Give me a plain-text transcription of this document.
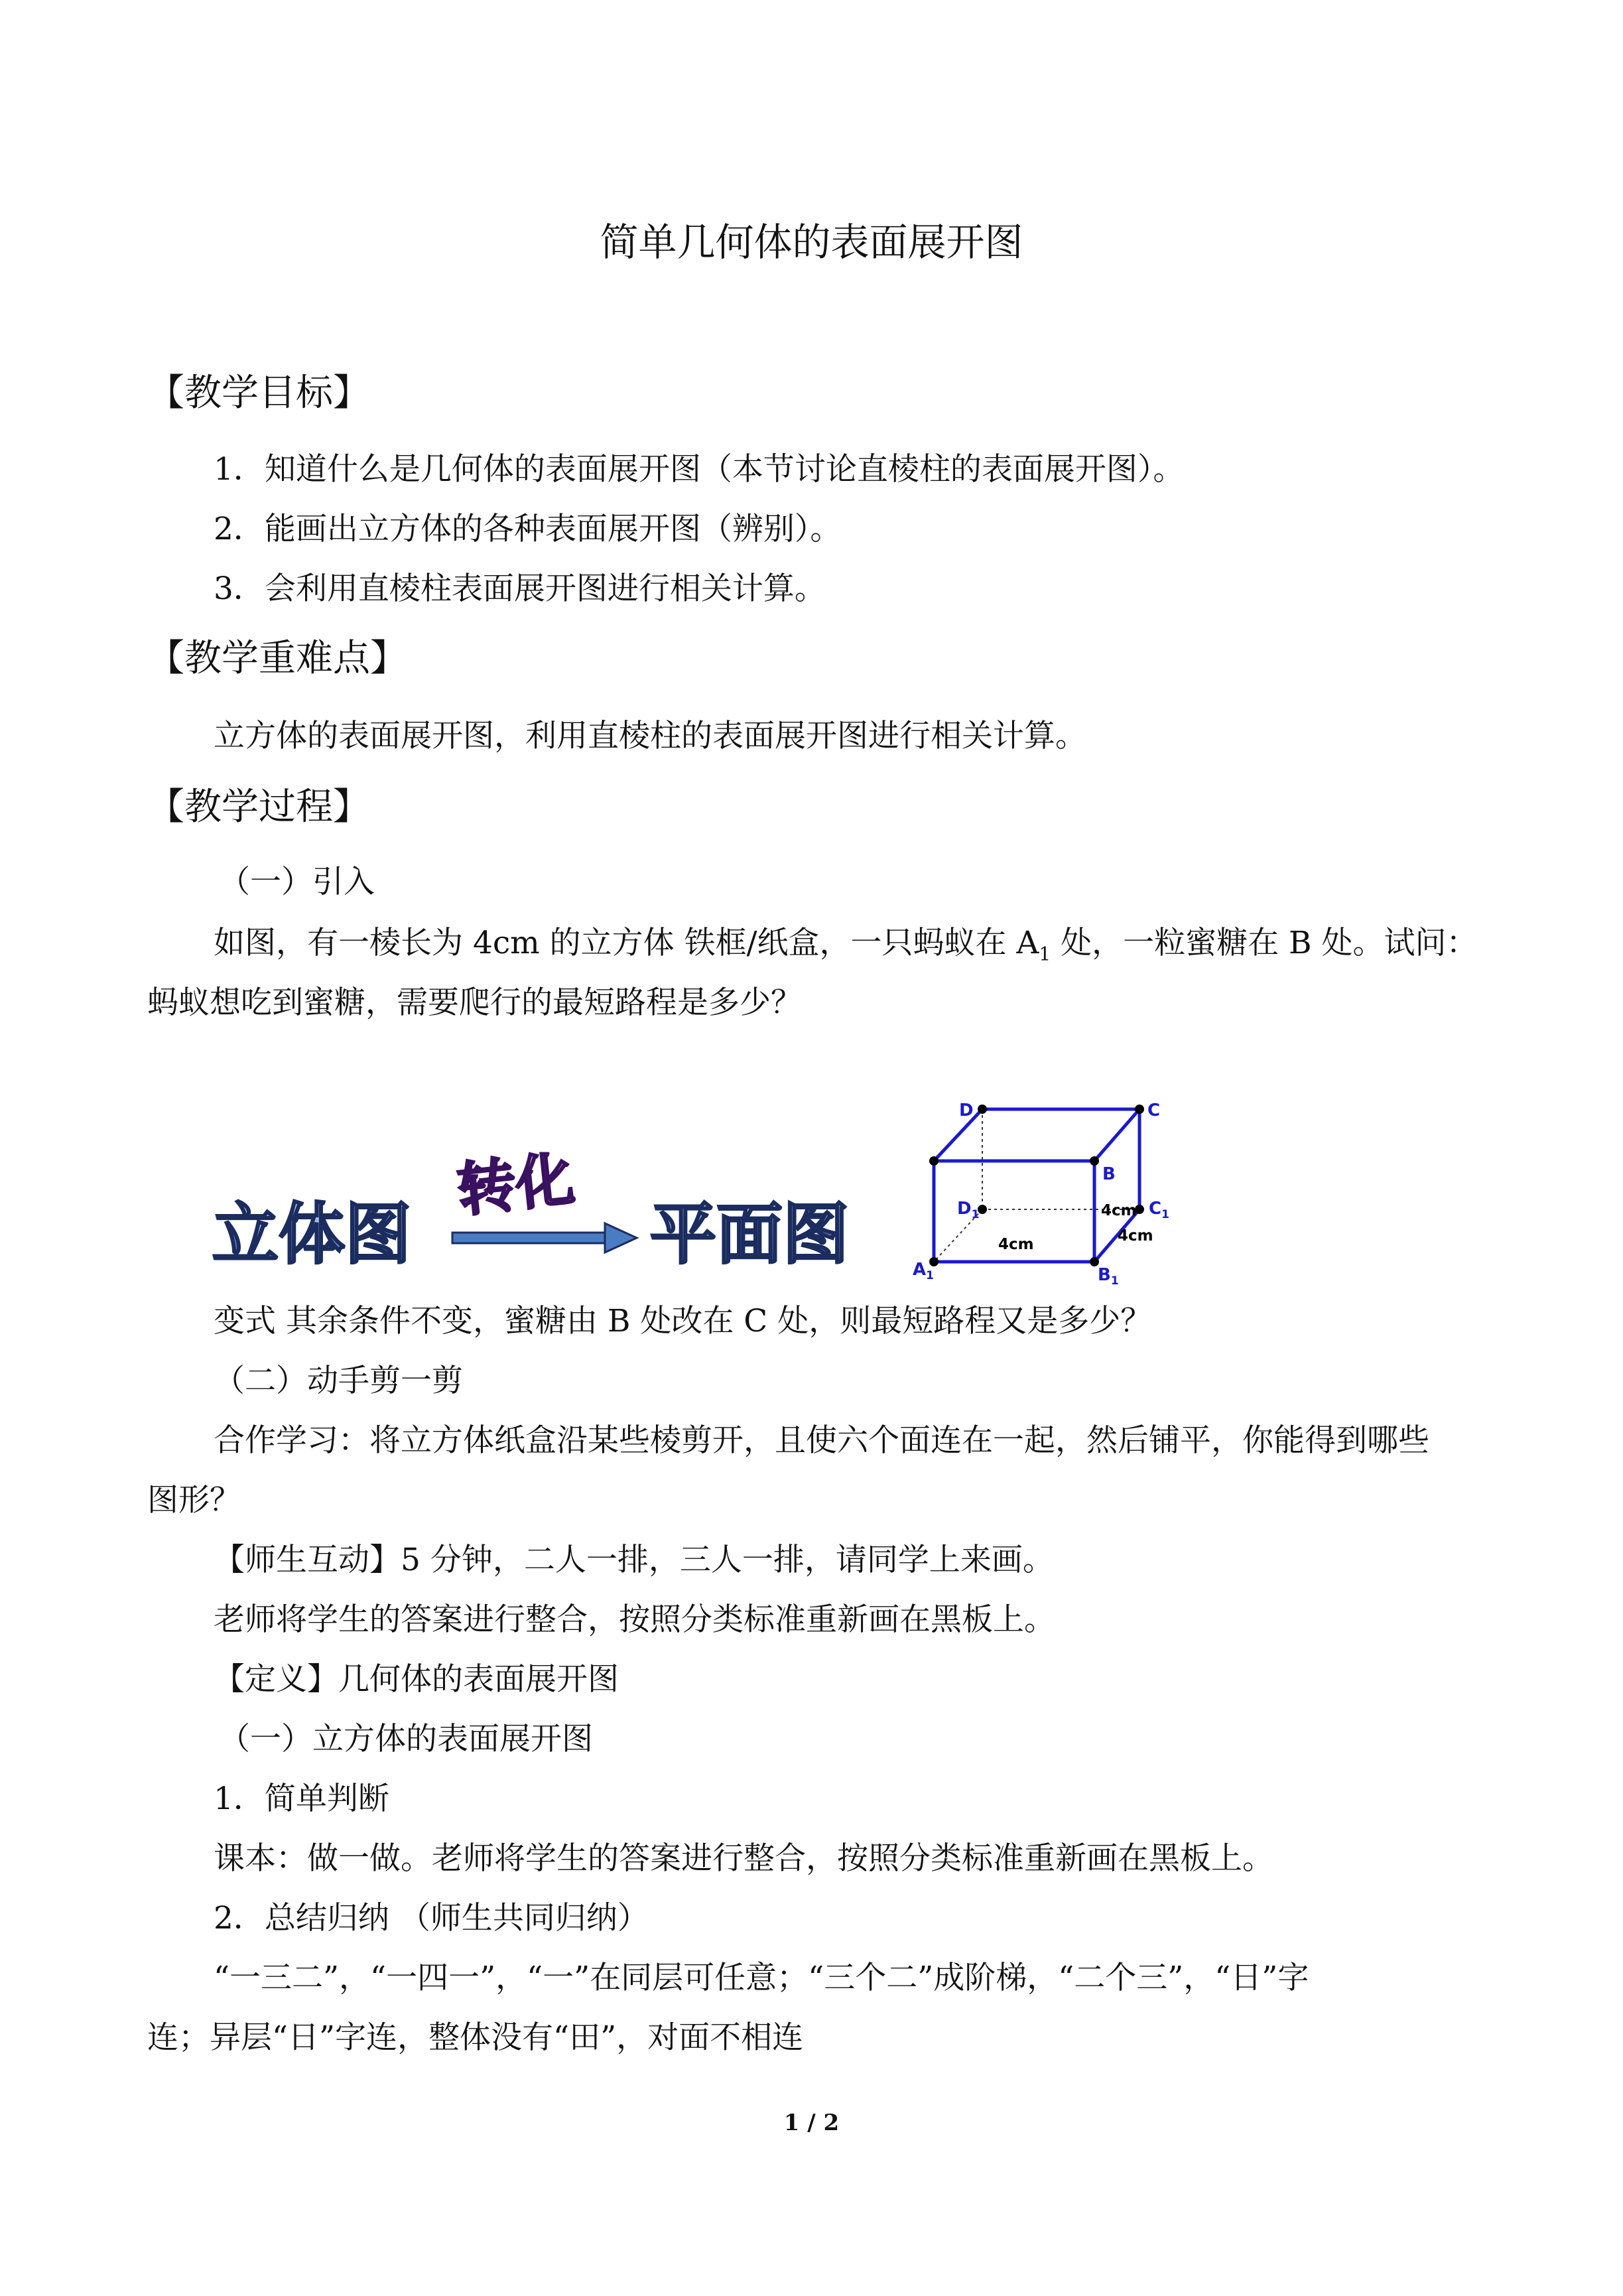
简单几何体的表面展开图
【教学目标】
1．知道什么是几何体的表面展开图（本节讨论直棱柱的表面展开图）。
2．能画出立方体的各种表面展开图（辨别）。
3．会利用直棱柱表面展开图进行相关计算。
【教学重难点】
立方体的表面展开图，利用直棱柱的表面展开图进行相关计算。
【教学过程】
（一）引入
如图，有一棱长为 4cm 的立方体 铁框/纸盒，一只蚂蚁在 $A_1$ 处，一粒蜜糖在 B 处。试问：
蚂蚁想吃到蜜糖，需要爬行的最短路程是多少？
立体图
转化
平面图
D	C
B
$D_1$	$C_1$
$A_1$	$B_1$
4cm
4cm	4cm
变式 其余条件不变，蜜糖由 B 处改在 C 处，则最短路程又是多少？
（二）动手剪一剪
合作学习：将立方体纸盒沿某些棱剪开，且使六个面连在一起，然后铺平，你能得到哪些
图形？
【师生互动】5 分钟，二人一排，三人一排，请同学上来画。
老师将学生的答案进行整合，按照分类标准重新画在黑板上。
【定义】几何体的表面展开图
（一）立方体的表面展开图
1．简单判断
课本：做一做。老师将学生的答案进行整合，按照分类标准重新画在黑板上。
2．总结归纳 （师生共同归纳）
“一三二”，“一四一”，“一”在同层可任意；“三个二”成阶梯，“二个三”，“日”字
连；异层“日”字连，整体没有“田”，对面不相连
1 / 2
